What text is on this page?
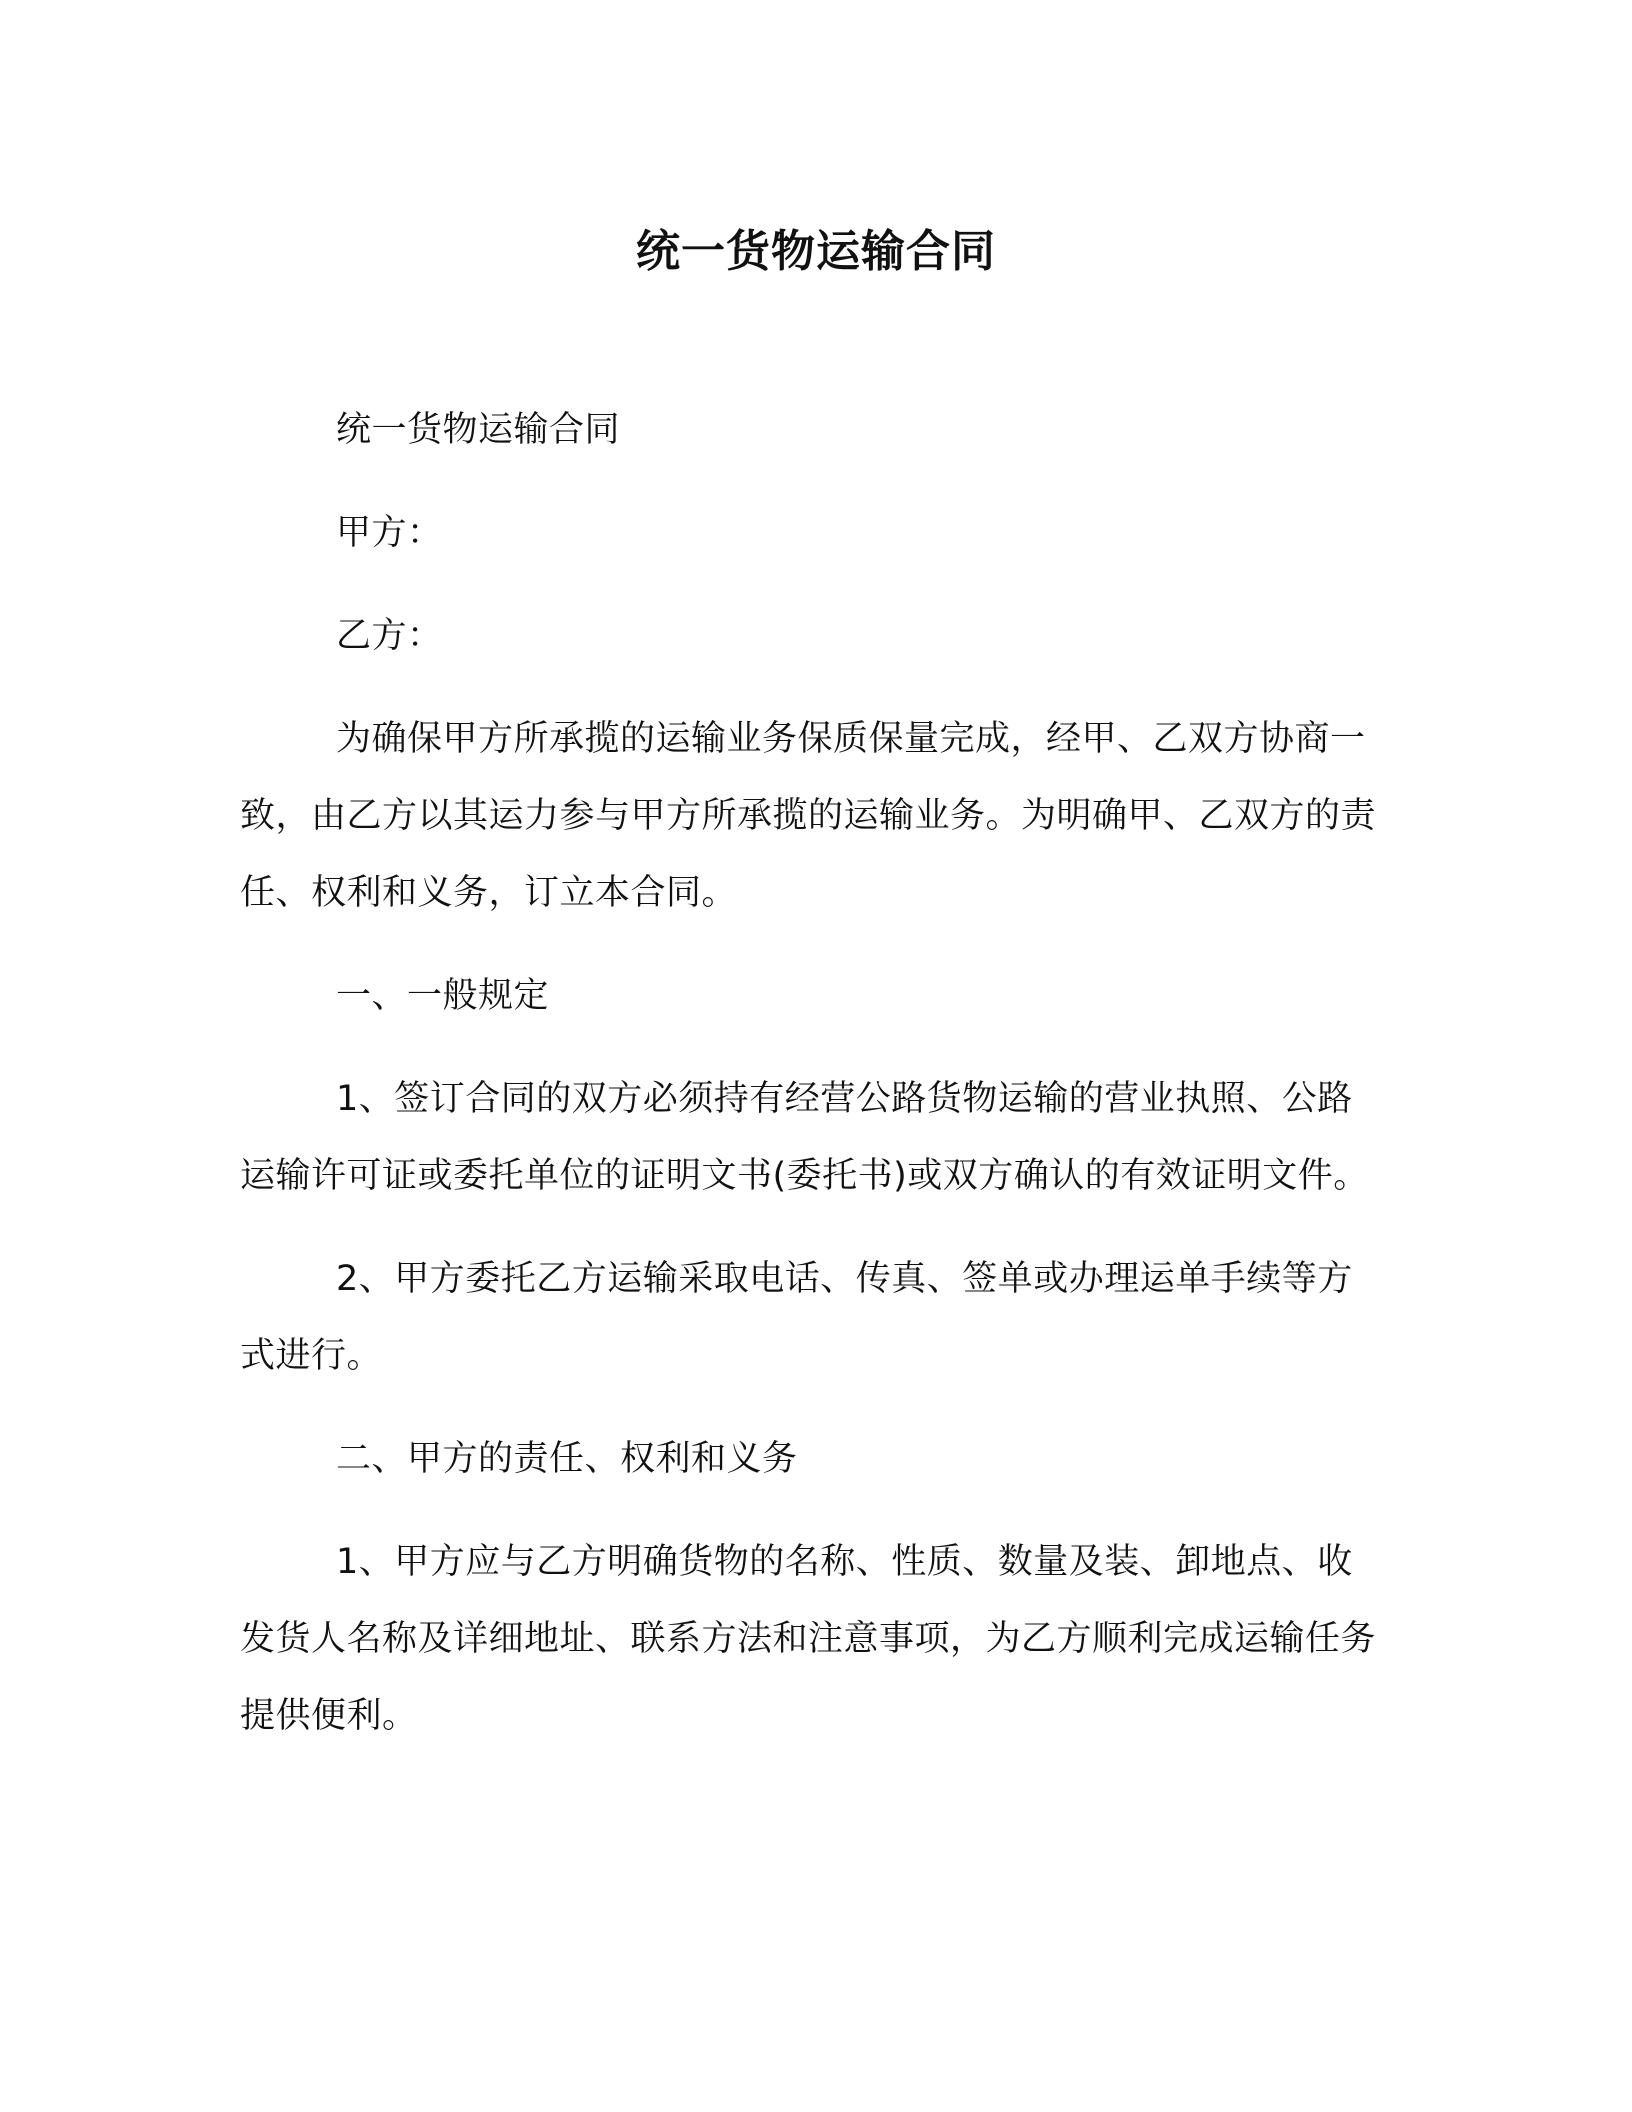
统一货物运输合同

统一货物运输合同

甲方：

乙方：

为确保甲方所承揽的运输业务保质保量完成，经甲、乙双方协商一致，由乙方以其运力参与甲方所承揽的运输业务。为明确甲、乙双方的责任、权利和义务，订立本合同。

一、一般规定

1、签订合同的双方必须持有经营公路货物运输的营业执照、公路运输许可证或委托单位的证明文书(委托书)或双方确认的有效证明文件。

2、甲方委托乙方运输采取电话、传真、签单或办理运单手续等方式进行。

二、甲方的责任、权利和义务

1、甲方应与乙方明确货物的名称、性质、数量及装、卸地点、收发货人名称及详细地址、联系方法和注意事项，为乙方顺利完成运输任务提供便利。
